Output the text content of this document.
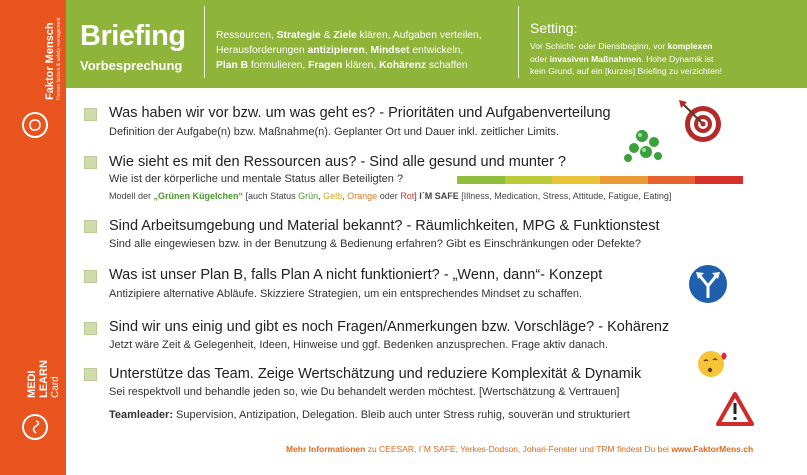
Faktor Mensch Human factors & safety management
MEDI LEARN Card
Briefing
Vorbesprechung
Ressourcen, Strategie & Ziele klären, Aufgaben verteilen,
Herausforderungen antizipieren, Mindset entwickeln,
Plan B formulieren, Fragen klären, Kohärenz schaffen
Setting:
Vor Schicht- oder Dienstbeginn, vor komplexen
oder invasiven Maßnahmen. Hohe Dynamik ist
kein Grund, auf ein [kurzes] Briefing zu verzichten!
Was haben wir vor bzw. um was geht es? - Prioritäten und Aufgabenverteilung
Definition der Aufgabe(n) bzw. Maßnahme(n). Geplanter Ort und Dauer inkl. zeitlicher Limits.
Wie sieht es mit den Ressourcen aus? - Sind alle gesund und munter ?
Wie ist der körperliche und mentale Status aller Beteiligten ?
Modell der „Grünen Kügelchen“ [auch Status Grün, Gelb, Orange oder Rot] I´M SAFE [Illness, Medication, Stress, Attitude, Fatigue, Eating]
Sind Arbeitsumgebung und Material bekannt? - Räumlichkeiten, MPG & Funktionstest
Sind alle eingewiesen bzw. in der Benutzung & Bedienung erfahren? Gibt es Einschränkungen oder Defekte?
Was ist unser Plan B, falls Plan A nicht funktioniert? - „Wenn, dann“- Konzept
Antizipiere alternative Abläufe. Skizziere Strategien, um ein entsprechendes Mindset zu schaffen.
Sind wir uns einig und gibt es noch Fragen/Anmerkungen bzw. Vorschläge? - Kohärenz
Jetzt wäre Zeit & Gelegenheit, Ideen, Hinweise und ggf. Bedenken anzusprechen. Frage aktiv danach.
Unterstütze das Team. Zeige Wertschätzung und reduziere Komplexität & Dynamik
Sei respektvoll und behandle jeden so, wie Du behandelt werden möchtest. [Wertschätzung & Vertrauen]
Teamleader: Supervision, Antizipation, Delegation. Bleib auch unter Stress ruhig, souverän und strukturiert
Mehr Informationen zu CEESAR, I´M SAFE, Yerkes-Dodson, Johari-Fenster und TRM findest Du bei www.FaktorMens.ch
